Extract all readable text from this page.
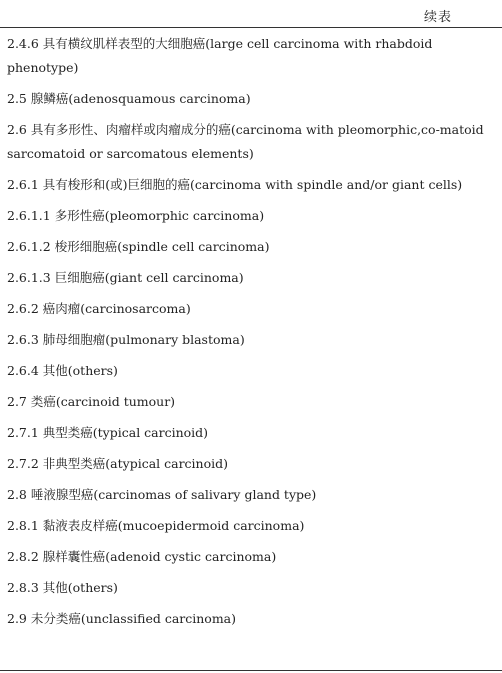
续表
2.4.6 具有横纹肌样表型的大细胞癌(large cell carcinoma with rhabdoid phenotype)
2.5 腺鳞癌(adenosquamous carcinoma)
2.6 具有多形性、肉瘤样或肉瘤成分的癌(carcinoma with pleomorphic,co-matoid sarcomatoid or sarcomatous elements)
2.6.1 具有梭形和(或)巨细胞的癌(carcinoma with spindle and/or giant cells)
2.6.1.1 多形性癌(pleomorphic carcinoma)
2.6.1.2 梭形细胞癌(spindle cell carcinoma)
2.6.1.3 巨细胞癌(giant cell carcinoma)
2.6.2 癌肉瘤(carcinosarcoma)
2.6.3 肺母细胞瘤(pulmonary blastoma)
2.6.4 其他(others)
2.7 类癌(carcinoid tumour)
2.7.1 典型类癌(typical carcinoid)
2.7.2 非典型类癌(atypical carcinoid)
2.8 唾液腺型癌(carcinomas of salivary gland type)
2.8.1 黏液表皮样癌(mucoepidermoid carcinoma)
2.8.2 腺样囊性癌(adenoid cystic carcinoma)
2.8.3 其他(others)
2.9 未分类癌(unclassified carcinoma)
